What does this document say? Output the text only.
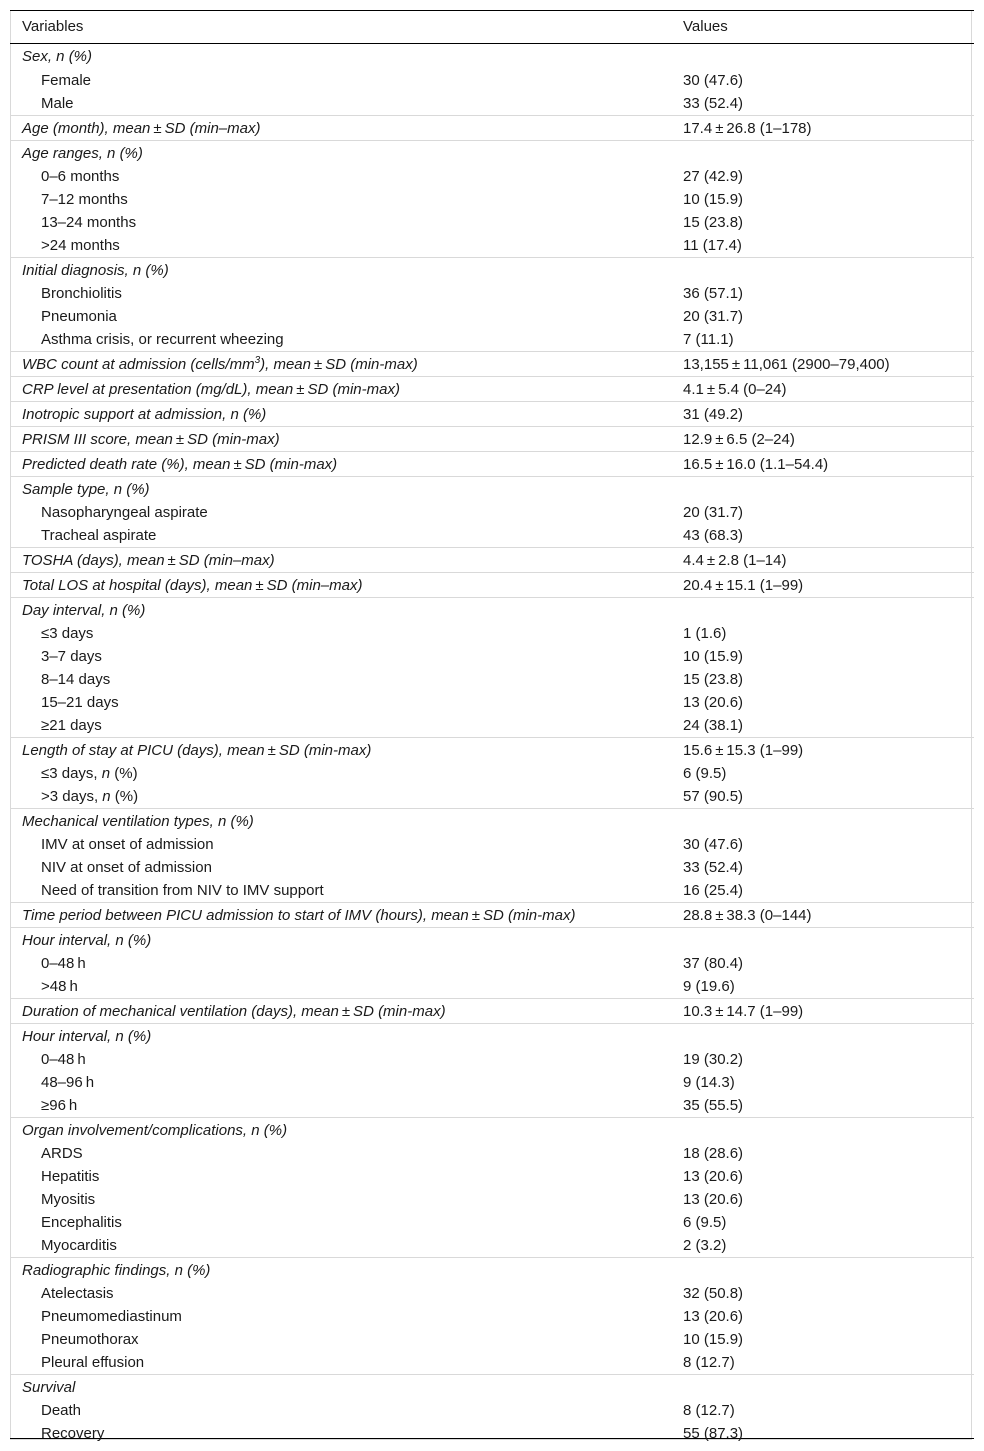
Variables	Values
Sex, n (%)
Female	30 (47.6)
Male	33 (52.4)
Age (month), mean ± SD (min–max)	17.4 ± 26.8 (1–178)
Age ranges, n (%)
0–6 months	27 (42.9)
7–12 months	10 (15.9)
13–24 months	15 (23.8)
>24 months	11 (17.4)
Initial diagnosis, n (%)
Bronchiolitis	36 (57.1)
Pneumonia	20 (31.7)
Asthma crisis, or recurrent wheezing	7 (11.1)
WBC count at admission $(cells/mm^3)$, mean ± SD (min-max)	13,155 ± 11,061 (2900–79,400)
CRP level at presentation (mg/dL), mean ± SD (min-max)	4.1 ± 5.4 (0–24)
Inotropic support at admission, n (%)	31 (49.2)
PRISM III score, mean ± SD (min-max)	12.9 ± 6.5 (2–24)
Predicted death rate (%), mean ± SD (min-max)	16.5 ± 16.0 (1.1–54.4)
Sample type, n (%)
Nasopharyngeal aspirate	20 (31.7)
Tracheal aspirate	43 (68.3)
TOSHA (days), mean ± SD (min–max)	4.4 ± 2.8 (1–14)
Total LOS at hospital (days), mean ± SD (min–max)	20.4 ± 15.1 (1–99)
Day interval, n (%)
≤3 days	1 (1.6)
3–7 days	10 (15.9)
8–14 days	15 (23.8)
15–21 days	13 (20.6)
≥21 days	24 (38.1)
Length of stay at PICU (days), mean ± SD (min-max)	15.6 ± 15.3 (1–99)
≤3 days, n (%)	6 (9.5)
>3 days, n (%)	57 (90.5)
Mechanical ventilation types, n (%)
IMV at onset of admission	30 (47.6)
NIV at onset of admission	33 (52.4)
Need of transition from NIV to IMV support	16 (25.4)
Time period between PICU admission to start of IMV (hours), mean ± SD (min-max)	28.8 ± 38.3 (0–144)
Hour interval, n (%)
0–48 h	37 (80.4)
>48 h	9 (19.6)
Duration of mechanical ventilation (days), mean ± SD (min-max)	10.3 ± 14.7 (1–99)
Hour interval, n (%)
0–48 h	19 (30.2)
48–96 h	9 (14.3)
≥96 h	35 (55.5)
Organ involvement/complications, n (%)
ARDS	18 (28.6)
Hepatitis	13 (20.6)
Myositis	13 (20.6)
Encephalitis	6 (9.5)
Myocarditis	2 (3.2)
Radiographic findings, n (%)
Atelectasis	32 (50.8)
Pneumomediastinum	13 (20.6)
Pneumothorax	10 (15.9)
Pleural effusion	8 (12.7)
Survival
Death	8 (12.7)
Recovery	55 (87.3)
